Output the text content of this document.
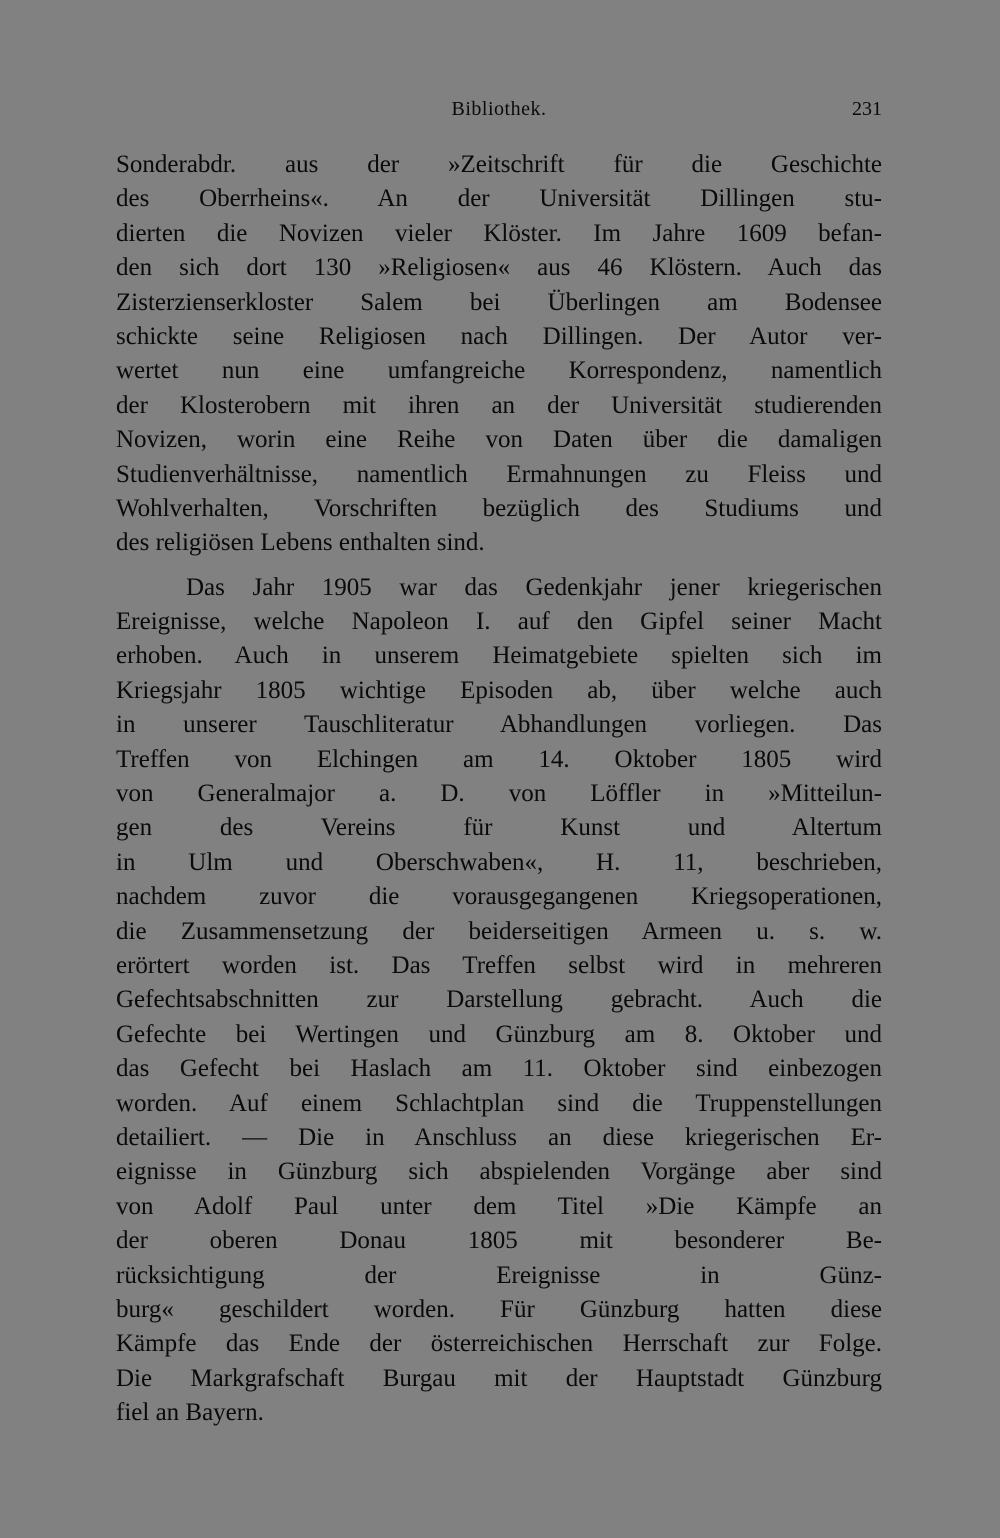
Bibliothek.	231
Sonderabdr. aus der »Zeitschrift für die Geschichte
des Oberrheins«. An der Universität Dillingen stu-
dierten die Novizen vieler Klöster. Im Jahre 1609 befan-
den sich dort 130 »Religiosen« aus 46 Klöstern. Auch das
Zisterzienserkloster Salem bei Überlingen am Bodensee
schickte seine Religiosen nach Dillingen. Der Autor ver-
wertet nun eine umfangreiche Korrespondenz, namentlich
der Klosterobern mit ihren an der Universität studierenden
Novizen, worin eine Reihe von Daten über die damaligen
Studienverhältnisse, namentlich Ermahnungen zu Fleiss und
Wohlverhalten, Vorschriften bezüglich des Studiums und
des religiösen Lebens enthalten sind.
Das Jahr 1905 war das Gedenkjahr jener kriegerischen
Ereignisse, welche Napoleon I. auf den Gipfel seiner Macht
erhoben. Auch in unserem Heimatgebiete spielten sich im
Kriegsjahr 1805 wichtige Episoden ab, über welche auch
in unserer Tauschliteratur Abhandlungen vorliegen. Das
Treffen von Elchingen am 14. Oktober 1805 wird
von Generalmajor a. D. von Löffler in »Mitteilun-
gen des Vereins für Kunst und Altertum
in Ulm und Oberschwaben«, H. 11, beschrieben,
nachdem zuvor die vorausgegangenen Kriegsoperationen,
die Zusammensetzung der beiderseitigen Armeen u. s. w.
erörtert worden ist. Das Treffen selbst wird in mehreren
Gefechtsabschnitten zur Darstellung gebracht. Auch die
Gefechte bei Wertingen und Günzburg am 8. Oktober und
das Gefecht bei Haslach am 11. Oktober sind einbezogen
worden. Auf einem Schlachtplan sind die Truppenstellungen
detailiert. — Die in Anschluss an diese kriegerischen Er-
eignisse in Günzburg sich abspielenden Vorgänge aber sind
von Adolf Paul unter dem Titel »Die Kämpfe an
der oberen Donau 1805 mit besonderer Be-
rücksichtigung der Ereignisse in Günz-
burg« geschildert worden. Für Günzburg hatten diese
Kämpfe das Ende der österreichischen Herrschaft zur Folge.
Die Markgrafschaft Burgau mit der Hauptstadt Günzburg
fiel an Bayern.
